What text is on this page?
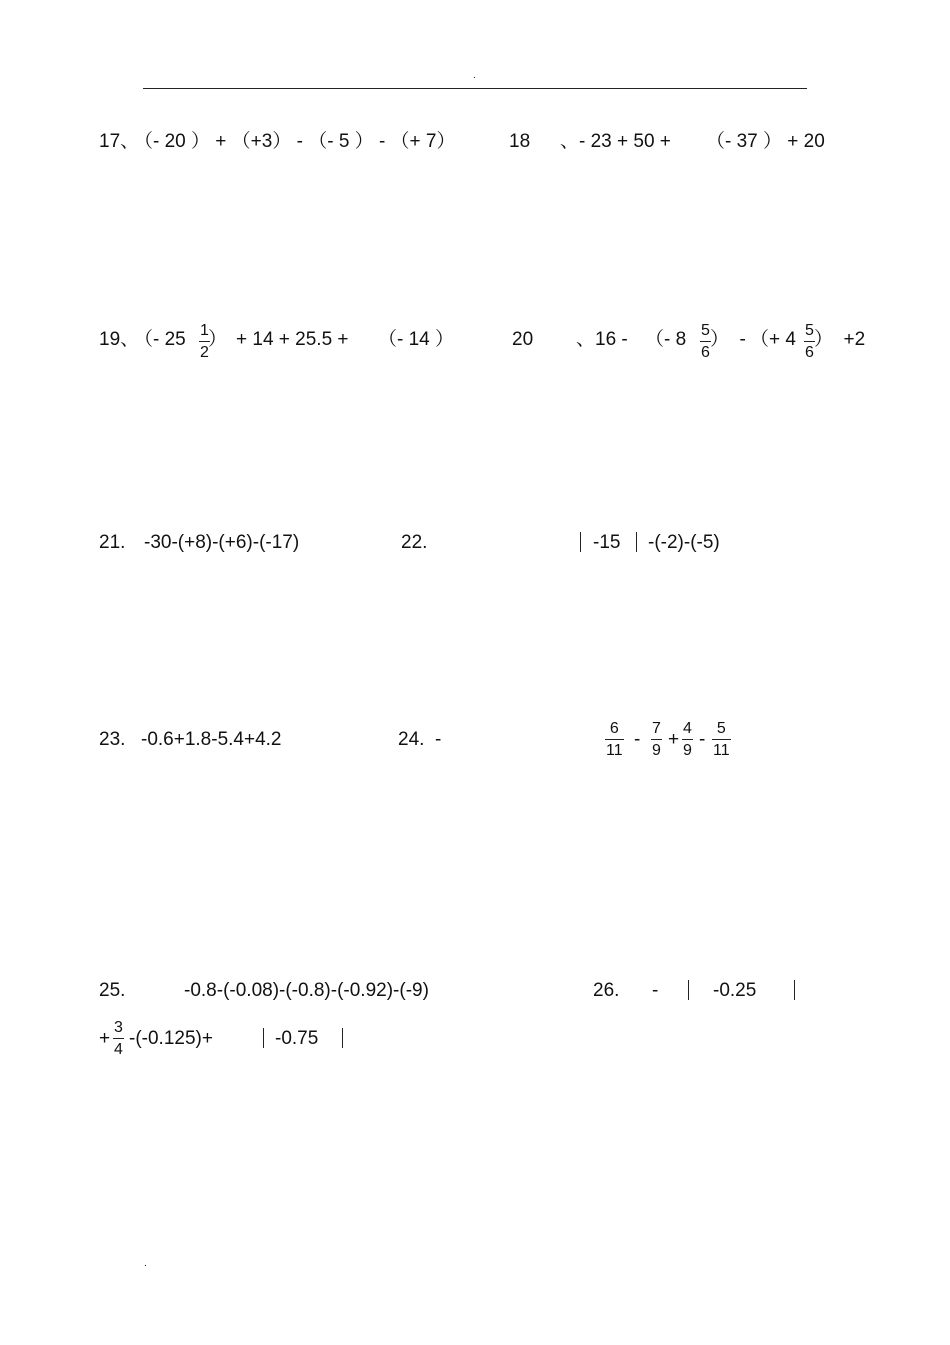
.
17、
（- 20 ） + （+3） - （- 5 ） - （+ 7）	18 、- 23 + 50 + （- 37 ） + 20
19、
（- 25 1
2
） + 14 + 25.5 + （- 14 ）	20 、16 - （- 8 5
6
）  - （+ 4 5
6
）  +2
21. -30-(+8)-(+6)-(-17)	22.	-15 -(-2)-(-5)
23. -0.6+1.8-5.4+4.2	24.  -
6
11
-
7
9
+
4
9
-
5
11
25.	-0.8-(-0.08)-(-0.8)-(-0.92)-(-9)	26. -	-0.25
+
3
4
-(-0.125)+	-0.75
.
